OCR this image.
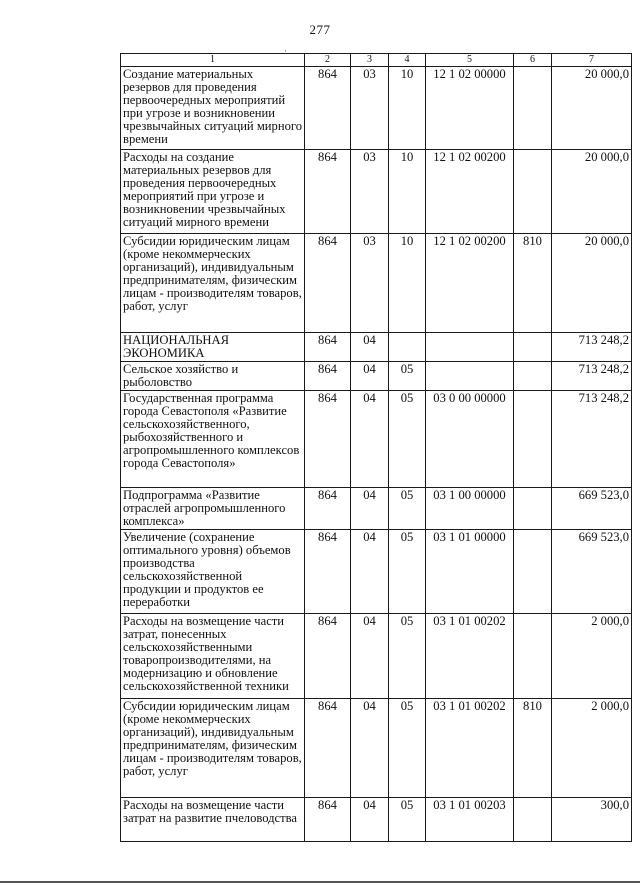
277
·
1	2	3	4	5	6	7
Создание материальных резервов для проведения первоочередных мероприятий при угрозе и возникновении чрезвычайных ситуаций мирного времени	864	03	10	12 1 02 00000		20 000,0
Расходы на создание материальных резервов для проведения первоочередных мероприятий при угрозе и возникновении чрезвычайных ситуаций мирного времени	864	03	10	12 1 02 00200		20 000,0
Субсидии юридическим лицам (кроме некоммерческих организаций), индивидуальным предпринимателям, физическим лицам - производителям товаров, работ, услуг	864	03	10	12 1 02 00200	810	20 000,0
НАЦИОНАЛЬНАЯ ЭКОНОМИКА	864	04				713 248,2
Сельское хозяйство и рыболовство	864	04	05			713 248,2
Государственная программа города Севастополя «Развитие сельскохозяйственного, рыбохозяйственного и агропромышленного комплексов города Севастополя»	864	04	05	03 0 00 00000		713 248,2
Подпрограмма «Развитие отраслей агропромышленного комплекса»	864	04	05	03 1 00 00000		669 523,0
Увеличение (сохранение оптимального уровня) объемов производства сельскохозяйственной продукции и продуктов ее переработки	864	04	05	03 1 01 00000		669 523,0
Расходы на возмещение части затрат, понесенных сельскохозяйственными товаропроизводителями, на модернизацию и обновление сельскохозяйственной техники	864	04	05	03 1 01 00202		2 000,0
Субсидии юридическим лицам (кроме некоммерческих организаций), индивидуальным предпринимателям, физическим лицам - производителям товаров, работ, услуг	864	04	05	03 1 01 00202	810	2 000,0
Расходы на возмещение части затрат на развитие пчеловодства	864	04	05	03 1 01 00203		300,0
